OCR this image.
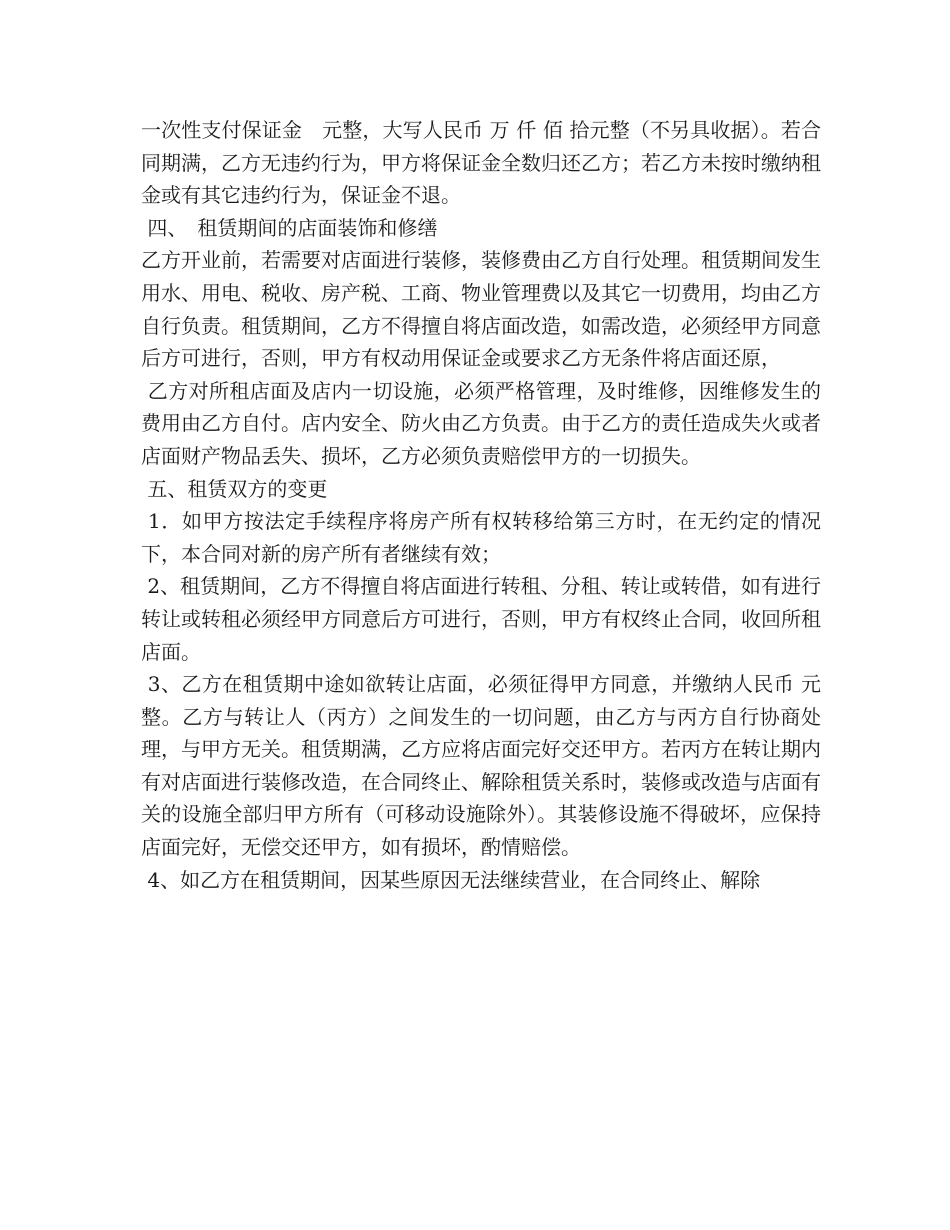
一次性支付保证金　元整，大写人民币 万 仟 佰 拾元整（不另具收据）。若合同期满，乙方无违约行为，甲方将保证金全数归还乙方；若乙方未按时缴纳租金或有其它违约行为，保证金不退。

四、　租赁期间的店面装饰和修缮

乙方开业前，若需要对店面进行装修，装修费由乙方自行处理。租赁期间发生用水、用电、税收、房产税、工商、物业管理费以及其它一切费用，均由乙方自行负责。租赁期间，乙方不得擅自将店面改造，如需改造，必须经甲方同意后方可进行，否则，甲方有权动用保证金或要求乙方无条件将店面还原，

乙方对所租店面及店内一切设施，必须严格管理，及时维修，因维修发生的费用由乙方自付。店内安全、防火由乙方负责。由于乙方的责任造成失火或者店面财产物品丢失、损坏，乙方必须负责赔偿甲方的一切损失。

五、租赁双方的变更

1．如甲方按法定手续程序将房产所有权转移给第三方时，在无约定的情况下，本合同对新的房产所有者继续有效；

2、租赁期间，乙方不得擅自将店面进行转租、分租、转让或转借，如有进行转让或转租必须经甲方同意后方可进行，否则，甲方有权终止合同，收回所租店面。

3、乙方在租赁期中途如欲转让店面，必须征得甲方同意，并缴纳人民币 元整。乙方与转让人（丙方）之间发生的一切问题，由乙方与丙方自行协商处理，与甲方无关。租赁期满，乙方应将店面完好交还甲方。若丙方在转让期内有对店面进行装修改造，在合同终止、解除租赁关系时，装修或改造与店面有关的设施全部归甲方所有（可移动设施除外）。其装修设施不得破坏，应保持店面完好，无偿交还甲方，如有损坏，酌情赔偿。

4、如乙方在租赁期间，因某些原因无法继续营业，在合同终止、解除
